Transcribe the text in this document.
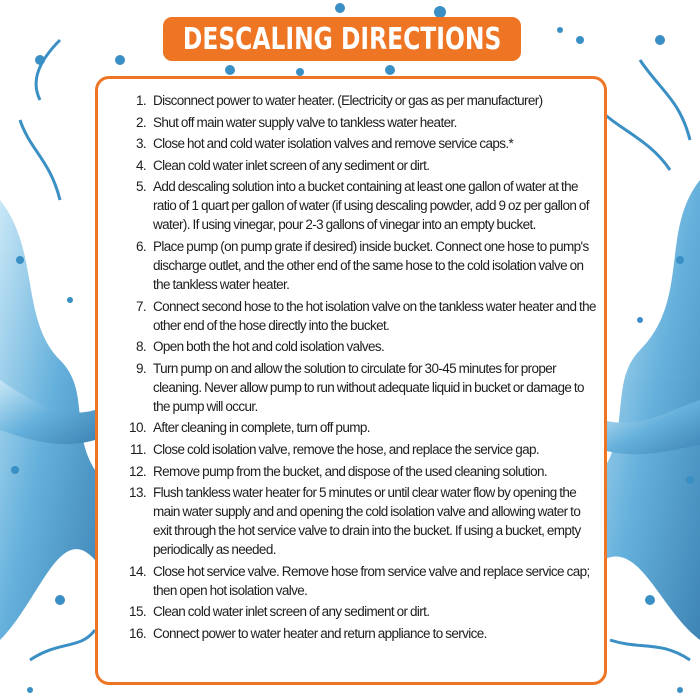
DESCALING DIRECTIONS
1. Disconnect power to water heater. (Electricity or gas as per manufacturer)
2. Shut off main water supply valve to tankless water heater.
3. Close hot and cold water isolation valves and remove service caps.*
4. Clean cold water inlet screen of any sediment or dirt.
5. Add descaling solution into a bucket containing at least one gallon of water at the ratio of 1 quart per gallon of water (if using descaling powder, add 9 oz per gallon of water). If using vinegar, pour 2-3 gallons of vinegar into an empty bucket.
6. Place pump (on pump grate if desired) inside bucket. Connect one hose to pump's discharge outlet, and the other end of the same hose to the cold isolation valve on the tankless water heater.
7. Connect second hose to the hot isolation valve on the tankless water heater and the other end of the hose directly into the bucket.
8. Open both the hot and cold isolation valves.
9. Turn pump on and allow the solution to circulate for 30-45 minutes for proper cleaning. Never allow pump to run without adequate liquid in bucket or damage to the pump will occur.
10. After cleaning in complete, turn off pump.
11. Close cold isolation valve, remove the hose, and replace the service gap.
12. Remove pump from the bucket, and dispose of the used cleaning solution.
13. Flush tankless water heater for 5 minutes or until clear water flow by opening the main water supply and and opening the cold isolation valve and allowing water to exit through the hot service valve to drain into the bucket. If using a bucket, empty periodically as needed.
14. Close hot service valve. Remove hose from service valve and replace service cap; then open hot isolation valve.
15. Clean cold water inlet screen of any sediment or dirt.
16. Connect power to water heater and return appliance to service.
